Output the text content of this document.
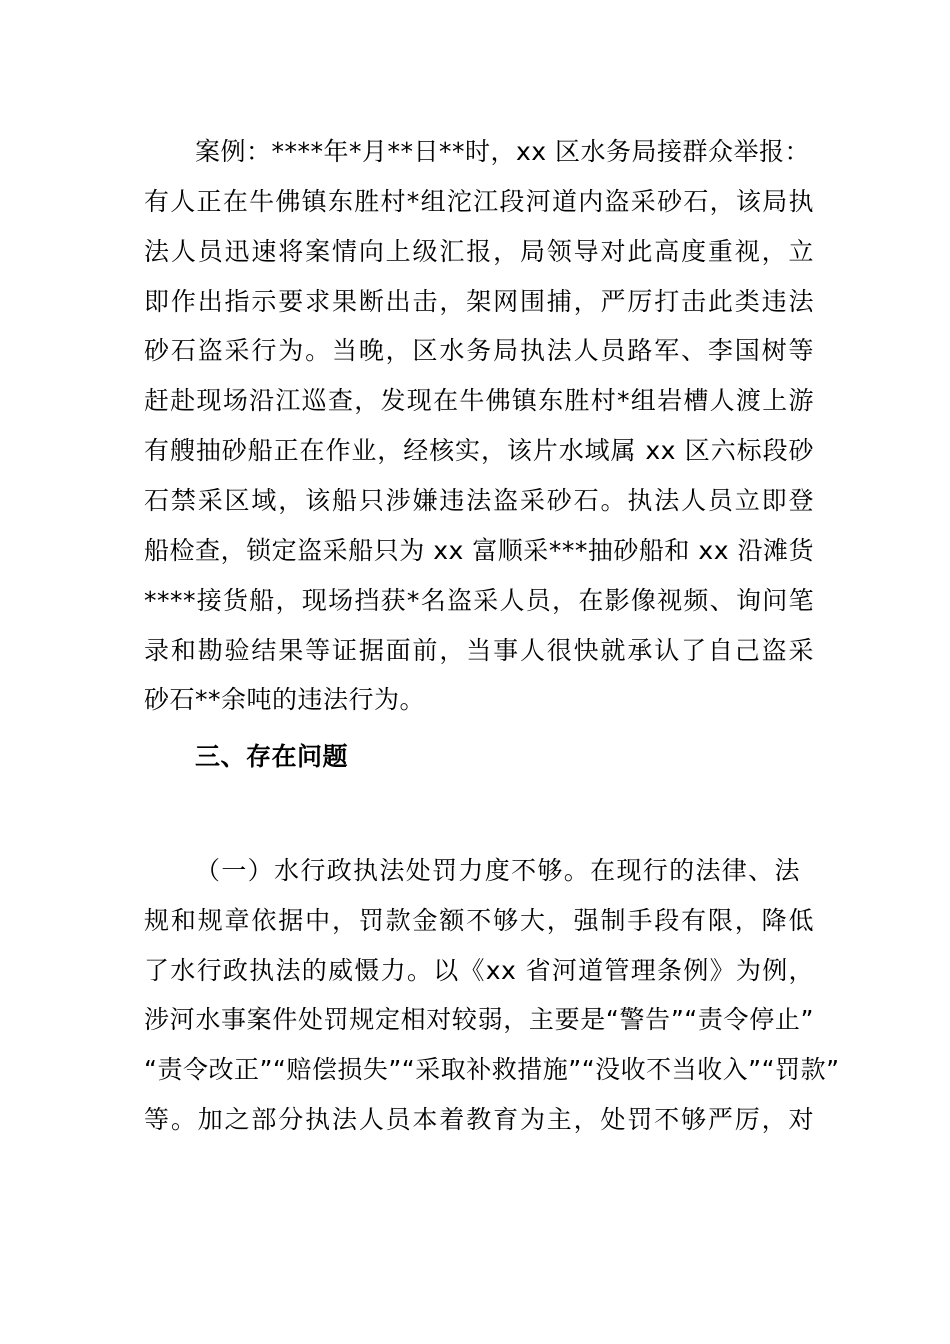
案例：****年*月**日**时，xx 区水务局接群众举报：
有人正在牛佛镇东胜村*组沱江段河道内盗采砂石，该局执
法人员迅速将案情向上级汇报，局领导对此高度重视，立
即作出指示要求果断出击，架网围捕，严厉打击此类违法
砂石盗采行为。当晚，区水务局执法人员路军、李国树等
赶赴现场沿江巡查，发现在牛佛镇东胜村*组岩槽人渡上游
有艘抽砂船正在作业，经核实，该片水域属 xx 区六标段砂
石禁采区域，该船只涉嫌违法盗采砂石。执法人员立即登
船检查，锁定盗采船只为 xx 富顺采***抽砂船和 xx 沿滩货
****接货船，现场挡获*名盗采人员，在影像视频、询问笔
录和勘验结果等证据面前，当事人很快就承认了自己盗采
砂石**余吨的违法行为。
三、存在问题
（一）水行政执法处罚力度不够。在现行的法律、法
规和规章依据中，罚款金额不够大，强制手段有限，降低
了水行政执法的威慑力。以《xx 省河道管理条例》为例，
涉河水事案件处罚规定相对较弱，主要是“警告”“责令停止”
“责令改正”“赔偿损失”“采取补救措施”“没收不当收入”“罚款”
等。加之部分执法人员本着教育为主，处罚不够严厉，对
